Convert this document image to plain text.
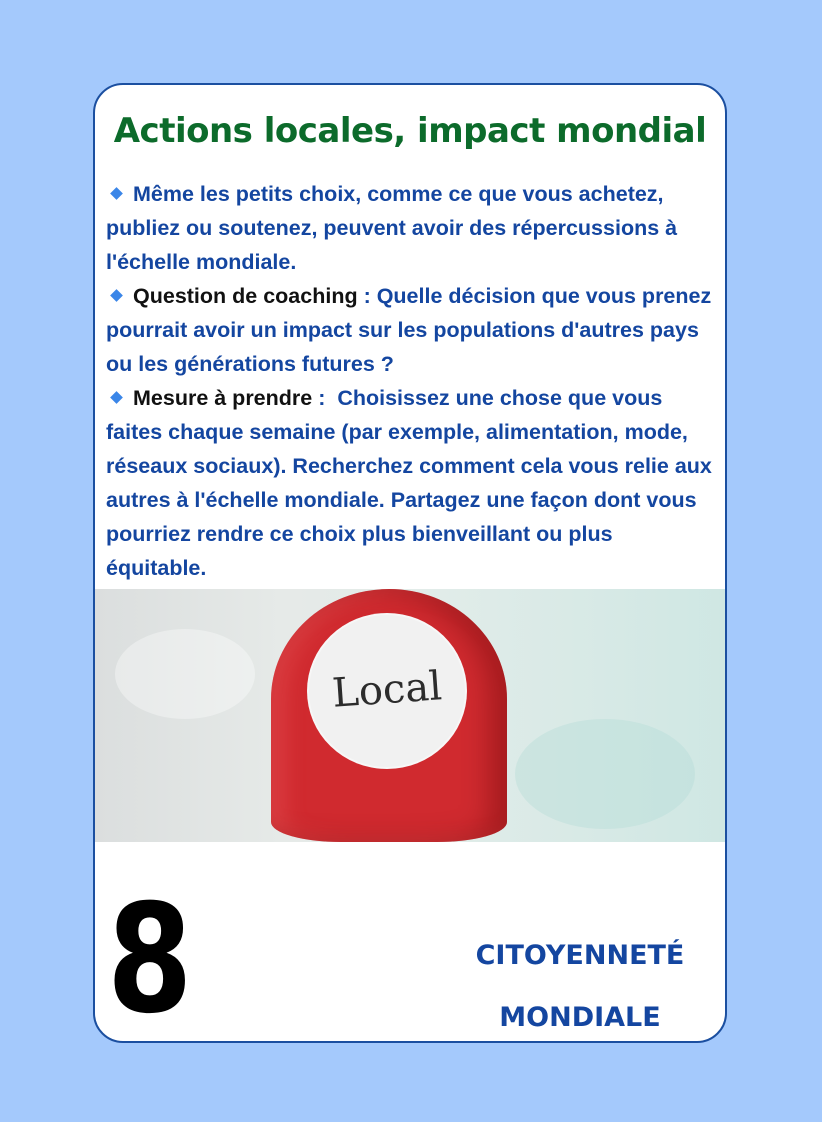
Actions locales, impact mondial

Même les petits choix, comme ce que vous achetez, publiez ou soutenez, peuvent avoir des répercussions à l'échelle mondiale.

Question de coaching : Quelle décision que vous prenez pourrait avoir un impact sur les populations d'autres pays ou les générations futures ?

Mesure à prendre :  Choisissez une chose que vous faites chaque semaine (par exemple, alimentation, mode, réseaux sociaux). Recherchez comment cela vous relie aux autres à l'échelle mondiale. Partagez une façon dont vous pourriez rendre ce choix plus bienveillant ou plus équitable.

Local
8	CITOYENNETÉ
MONDIALE
